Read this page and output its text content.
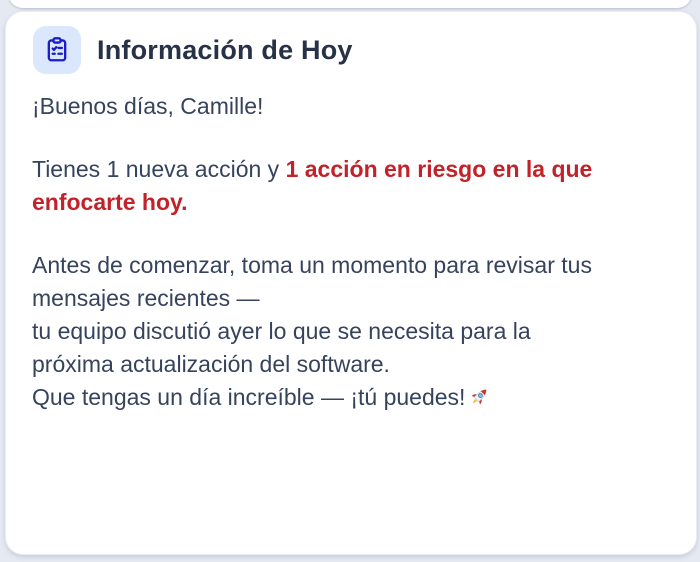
Información de Hoy
¡Buenos días, Camille!
Tienes 1 nueva acción y 1 acción en riesgo en la que
enfocarte hoy.
Antes de comenzar, toma un momento para revisar tus
mensajes recientes —
tu equipo discutió ayer lo que se necesita para la
próxima actualización del software.
Que tengas un día increíble — ¡tú puedes!
